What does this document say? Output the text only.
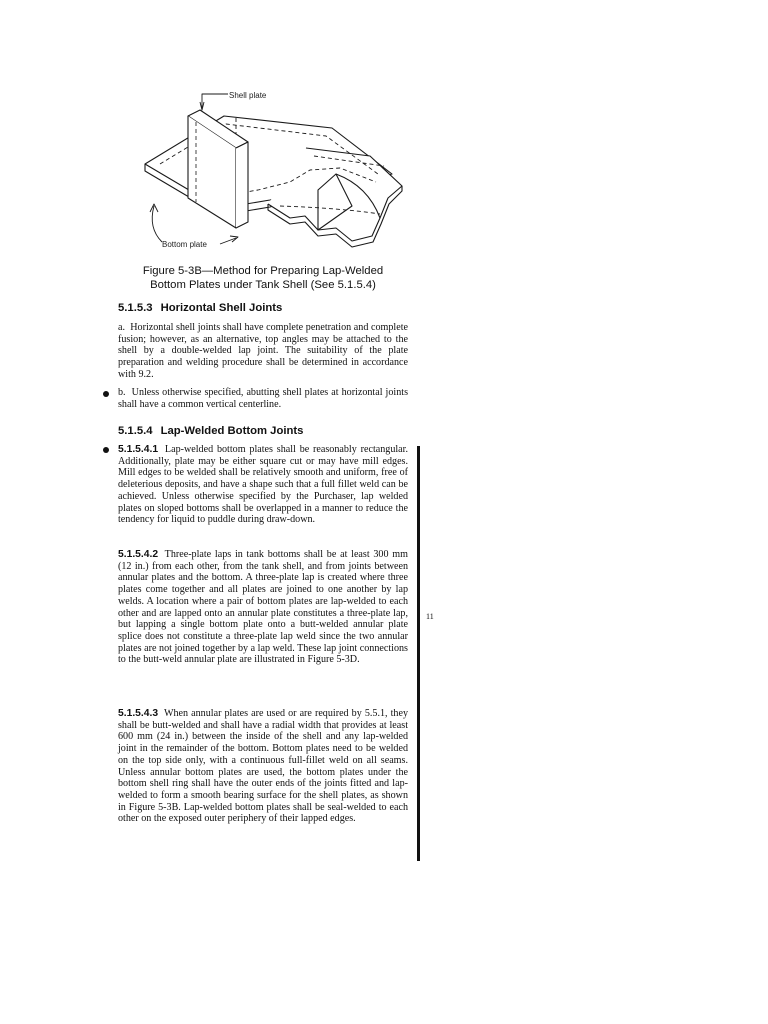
Shell plate
Bottom plate
Figure 5-3B—Method for Preparing Lap-Welded
Bottom Plates under Tank Shell (See 5.1.5.4)
5.1.5.3 Horizontal Shell Joints

a.  Horizontal shell joints shall have complete penetration and complete fusion; however, as an alternative, top angles may be attached to the shell by a double-welded lap joint. The suitability of the plate preparation and welding procedure shall be determined in accordance with 9.2.

b.  Unless otherwise specified, abutting shell plates at horizontal joints shall have a common vertical centerline.

5.1.5.4 Lap-Welded Bottom Joints

5.1.5.4.1 Lap-welded bottom plates shall be reasonably rectangular. Additionally, plate may be either square cut or may have mill edges. Mill edges to be welded shall be relatively smooth and uniform, free of deleterious deposits, and have a shape such that a full fillet weld can be achieved. Unless otherwise specified by the Purchaser, lap welded plates on sloped bottoms shall be overlapped in a manner to reduce the tendency for liquid to puddle during draw-down.

5.1.5.4.2 Three-plate laps in tank bottoms shall be at least 300 mm (12 in.) from each other, from the tank shell, and from joints between annular plates and the bottom. A three-plate lap is created where three plates come together and all plates are joined to one another by lap welds. A location where a pair of bottom plates are lap-welded to each other and are lapped onto an annular plate constitutes a three-plate lap, but lapping a single bottom plate onto a butt-welded annular plate splice does not constitute a three-plate lap weld since the two annular plates are not joined together by a lap weld. These lap joint connections to the butt-weld annular plate are illustrated in Figure 5-3D.

5.1.5.4.3 When annular plates are used or are required by 5.5.1, they shall be butt-welded and shall have a radial width that provides at least 600 mm (24 in.) between the inside of the shell and any lap-welded joint in the remainder of the bottom. Bottom plates need to be welded on the top side only, with a continuous full-fillet weld on all seams. Unless annular bottom plates are used, the bottom plates under the bottom shell ring shall have the outer ends of the joints fitted and lap-welded to form a smooth bearing surface for the shell plates, as shown in Figure 5-3B. Lap-welded bottom plates shall be seal-welded to each other on the exposed outer periphery of their lapped edges.

11
